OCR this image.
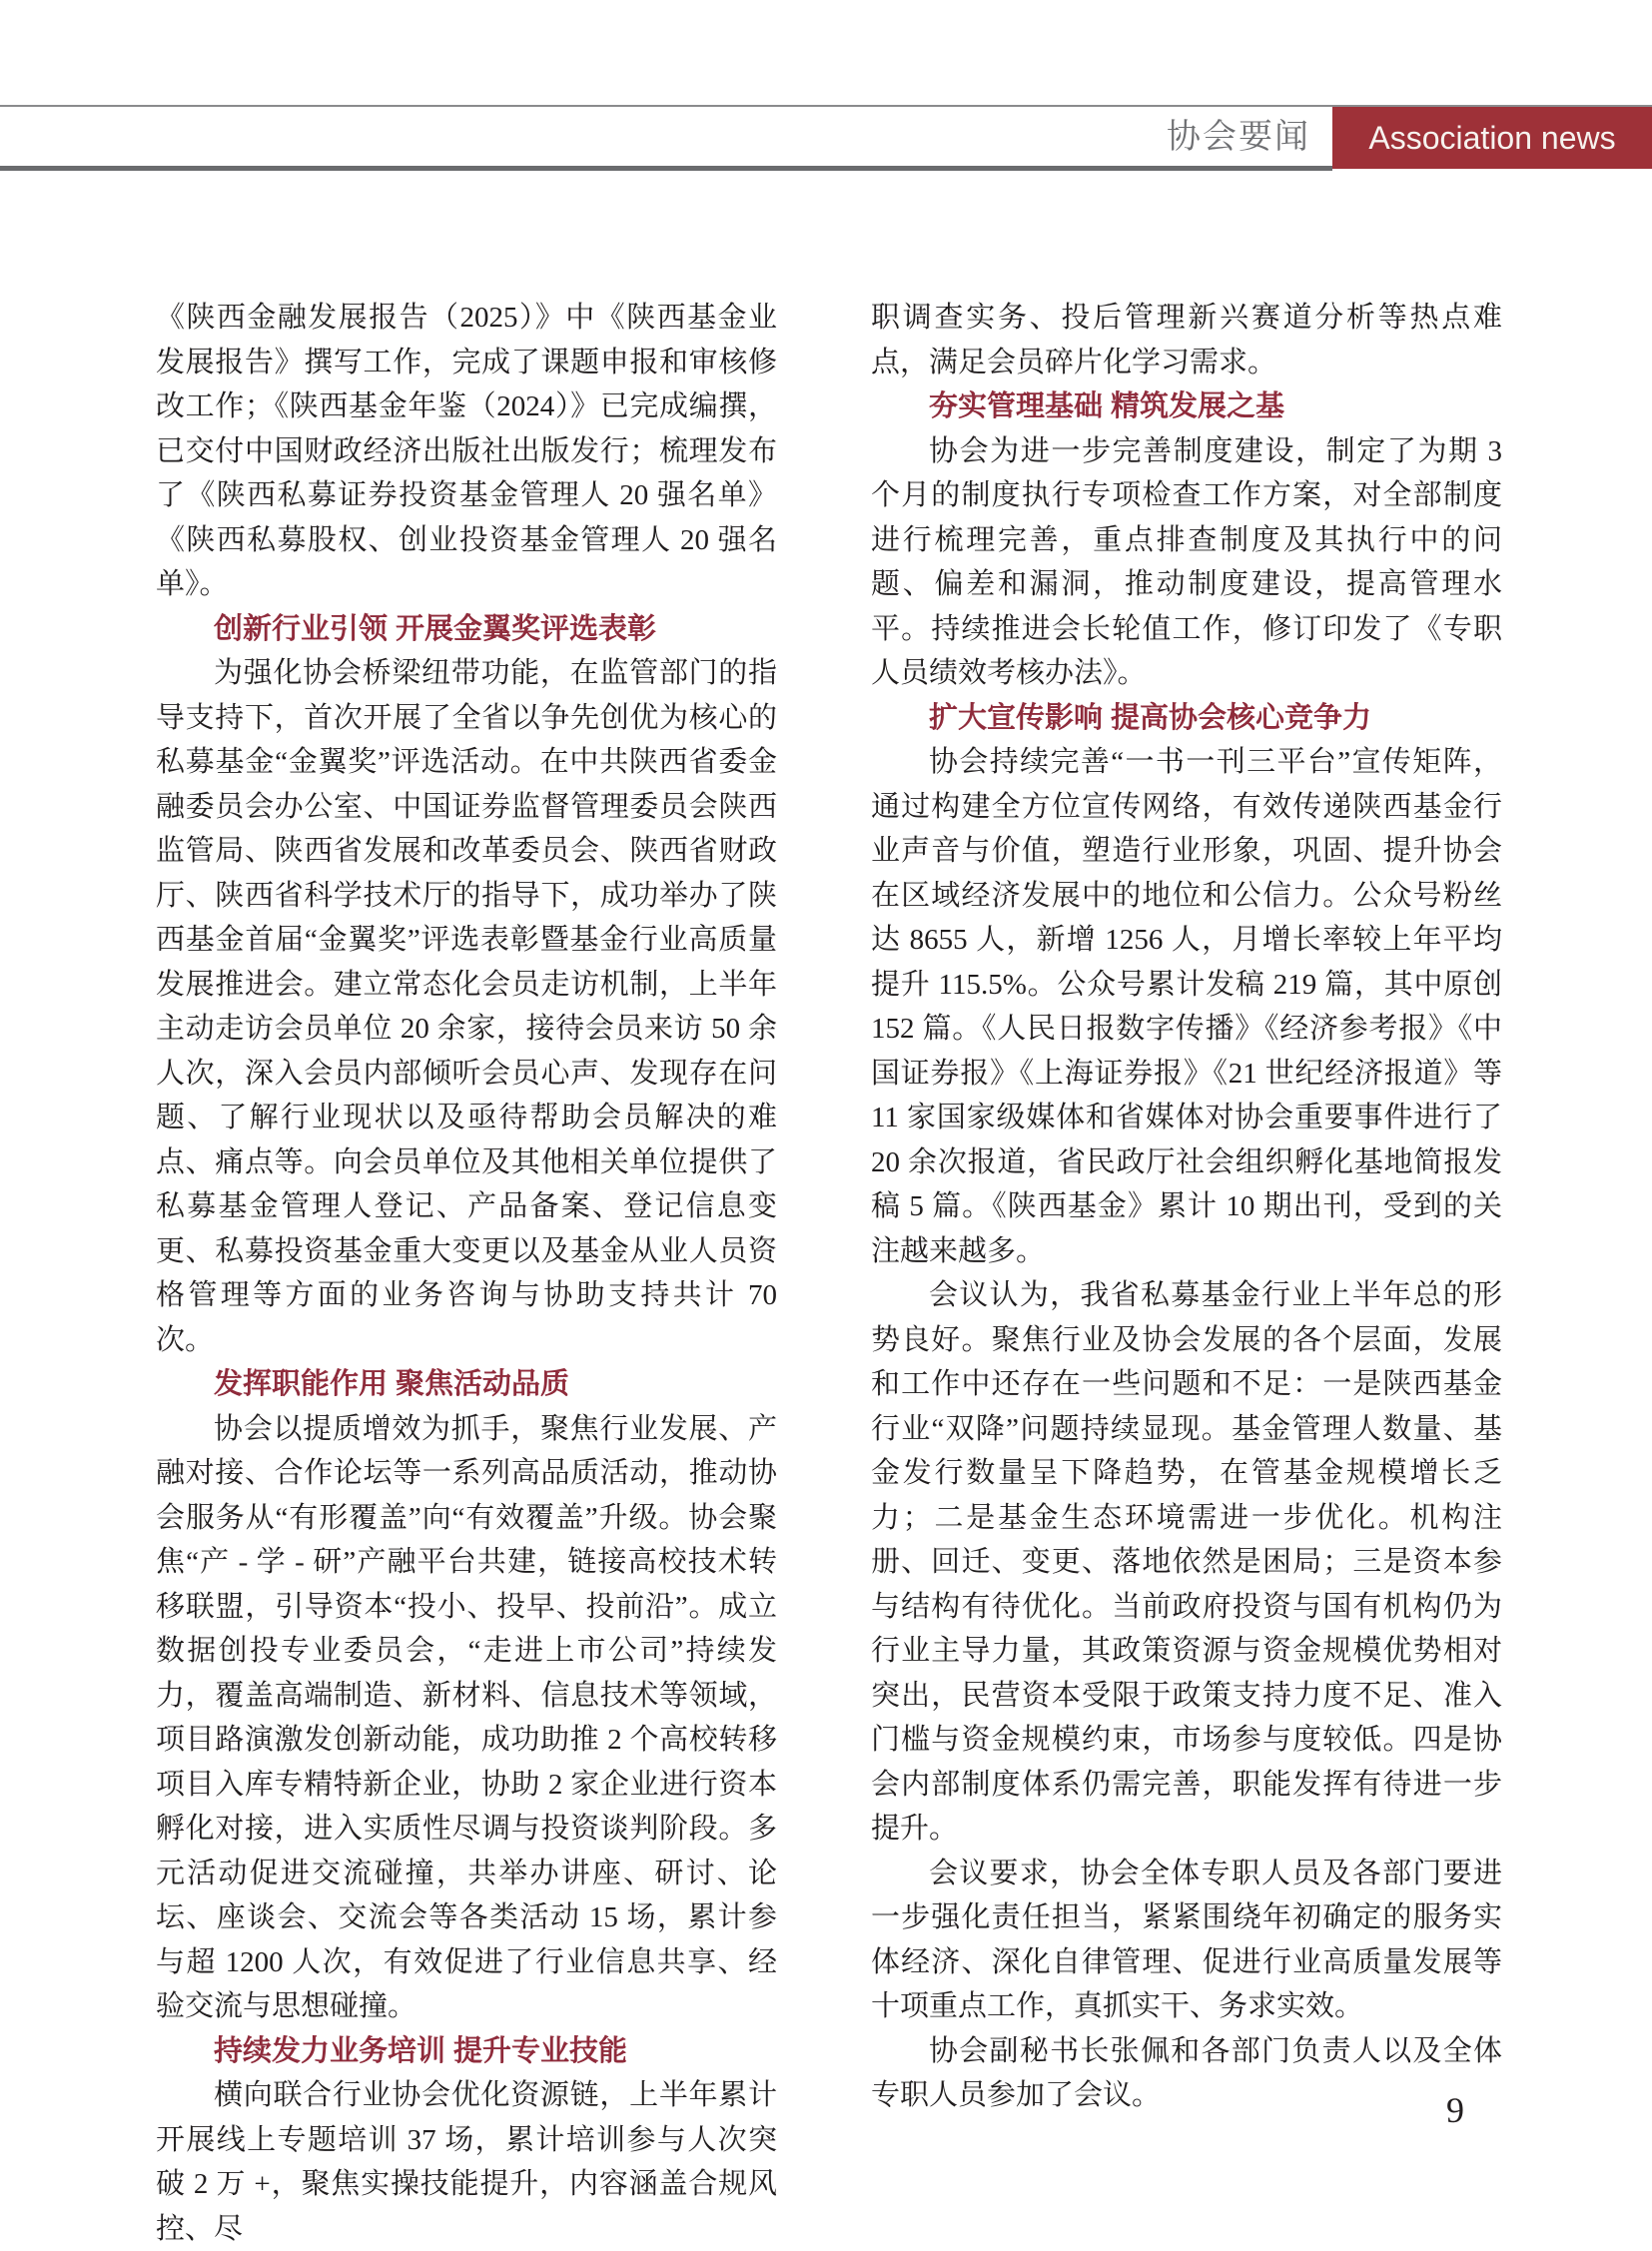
协会要闻 Association news

《陕西金融发展报告（2025）》中《陕西基金业发展报告》撰写工作，完成了课题申报和审核修改工作；《陕西基金年鉴（2024）》已完成编撰，已交付中国财政经济出版社出版发行；梳理发布了《陕西私募证券投资基金管理人 20 强名单》《陕西私募股权、创业投资基金管理人 20 强名单》。

创新行业引领 开展金翼奖评选表彰

为强化协会桥梁纽带功能，在监管部门的指导支持下，首次开展了全省以争先创优为核心的私募基金“金翼奖”评选活动。在中共陕西省委金融委员会办公室、中国证券监督管理委员会陕西监管局、陕西省发展和改革委员会、陕西省财政厅、陕西省科学技术厅的指导下，成功举办了陕西基金首届“金翼奖”评选表彰暨基金行业高质量发展推进会。建立常态化会员走访机制，上半年主动走访会员单位 20 余家，接待会员来访 50 余人次，深入会员内部倾听会员心声、发现存在问题、了解行业现状以及亟待帮助会员解决的难点、痛点等。向会员单位及其他相关单位提供了私募基金管理人登记、产品备案、登记信息变更、私募投资基金重大变更以及基金从业人员资格管理等方面的业务咨询与协助支持共计 70 次。

发挥职能作用 聚焦活动品质

协会以提质增效为抓手，聚焦行业发展、产融对接、合作论坛等一系列高品质活动，推动协会服务从“有形覆盖”向“有效覆盖”升级。协会聚焦“产 - 学 - 研”产融平台共建，链接高校技术转移联盟，引导资本“投小、投早、投前沿”。成立数据创投专业委员会，“走进上市公司”持续发力，覆盖高端制造、新材料、信息技术等领域，项目路演激发创新动能，成功助推 2 个高校转移项目入库专精特新企业，协助 2 家企业进行资本孵化对接，进入实质性尽调与投资谈判阶段。多元活动促进交流碰撞，共举办讲座、研讨、论坛、座谈会、交流会等各类活动 15 场，累计参与超 1200 人次，有效促进了行业信息共享、经验交流与思想碰撞。

持续发力业务培训 提升专业技能

横向联合行业协会优化资源链，上半年累计开展线上专题培训 37 场，累计培训参与人次突破 2 万 +，聚焦实操技能提升，内容涵盖合规风控、尽

职调查实务、投后管理新兴赛道分析等热点难点，满足会员碎片化学习需求。

夯实管理基础 精筑发展之基

协会为进一步完善制度建设，制定了为期 3 个月的制度执行专项检查工作方案，对全部制度进行梳理完善，重点排查制度及其执行中的问题、偏差和漏洞，推动制度建设，提高管理水平。持续推进会长轮值工作，修订印发了《专职人员绩效考核办法》。

扩大宣传影响 提高协会核心竞争力

协会持续完善“一书一刊三平台”宣传矩阵，通过构建全方位宣传网络，有效传递陕西基金行业声音与价值，塑造行业形象，巩固、提升协会在区域经济发展中的地位和公信力。公众号粉丝达 8655 人，新增 1256 人，月增长率较上年平均提升 115.5%。公众号累计发稿 219 篇，其中原创 152 篇。《人民日报数字传播》《经济参考报》《中国证券报》《上海证券报》《21 世纪经济报道》等 11 家国家级媒体和省媒体对协会重要事件进行了 20 余次报道，省民政厅社会组织孵化基地简报发稿 5 篇。《陕西基金》累计 10 期出刊，受到的关注越来越多。

会议认为，我省私募基金行业上半年总的形势良好。聚焦行业及协会发展的各个层面，发展和工作中还存在一些问题和不足：一是陕西基金行业“双降”问题持续显现。基金管理人数量、基金发行数量呈下降趋势，在管基金规模增长乏力；二是基金生态环境需进一步优化。机构注册、回迁、变更、落地依然是困局；三是资本参与结构有待优化。当前政府投资与国有机构仍为行业主导力量，其政策资源与资金规模优势相对突出，民营资本受限于政策支持力度不足、准入门槛与资金规模约束，市场参与度较低。四是协会内部制度体系仍需完善，职能发挥有待进一步提升。

会议要求，协会全体专职人员及各部门要进一步强化责任担当，紧紧围绕年初确定的服务实体经济、深化自律管理、促进行业高质量发展等十项重点工作，真抓实干、务求实效。

协会副秘书长张佩和各部门负责人以及全体专职人员参加了会议。	9
